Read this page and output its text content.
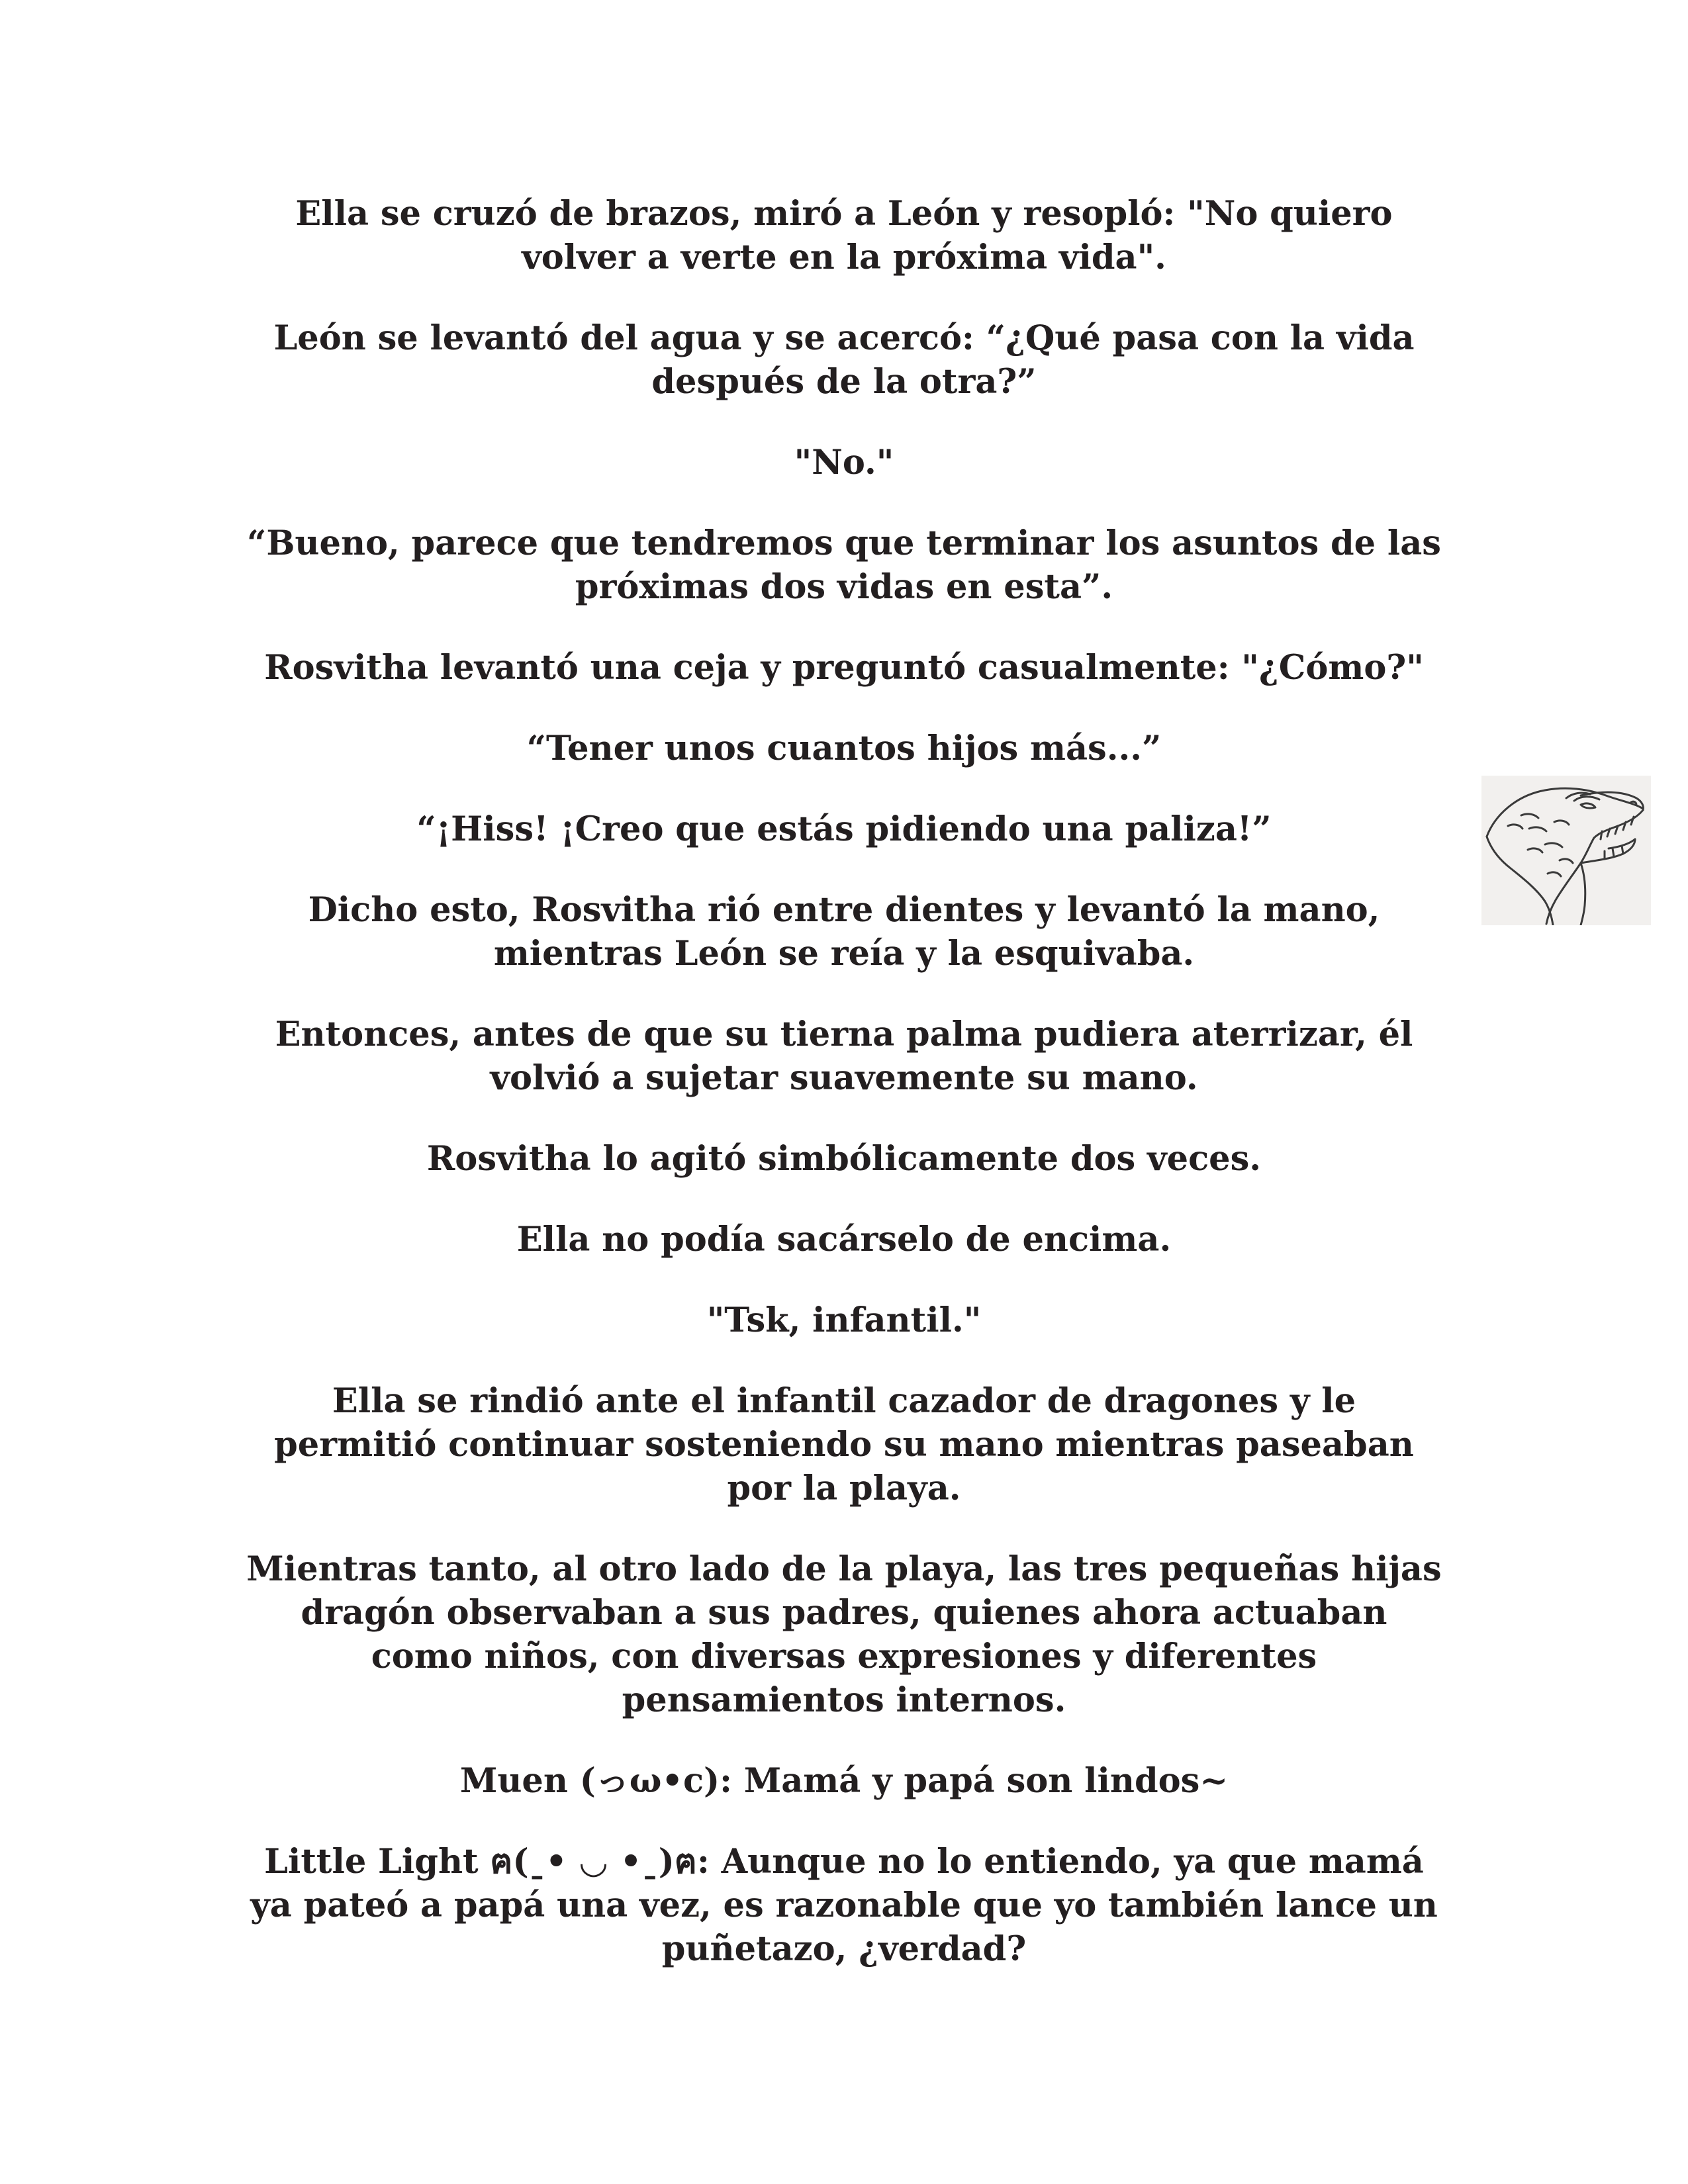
Ella se cruzó de brazos, miró a León y resopló: "No quiero
volver a verte en la próxima vida".

León se levantó del agua y se acercó: “¿Qué pasa con la vida
después de la otra?”

"No."

“Bueno, parece que tendremos que terminar los asuntos de las
próximas dos vidas en esta”.

Rosvitha levantó una ceja y preguntó casualmente: "¿Cómo?"

“Tener unos cuantos hijos más...”

“¡Hiss! ¡Creo que estás pidiendo una paliza!”

Dicho esto, Rosvitha rió entre dientes y levantó la mano,
mientras León se reía y la esquivaba.

Entonces, antes de que su tierna palma pudiera aterrizar, él
volvió a sujetar suavemente su mano.

Rosvitha lo agitó simbólicamente dos veces.

Ella no podía sacárselo de encima.

"Tsk, infantil."

Ella se rindió ante el infantil cazador de dragones y le
permitió continuar sosteniendo su mano mientras paseaban
por la playa.

Mientras tanto, al otro lado de la playa, las tres pequeñas hijas
dragón observaban a sus padres, quienes ahora actuaban
como niños, con diversas expresiones y diferentes
pensamientos internos.

Muen (っω•c): Mamá y papá son lindos~

Little Light ฅ(ˍ• ◡ •ˍ)ฅ: Aunque no lo entiendo, ya que mamá
ya pateó a papá una vez, es razonable que yo también lance un
puñetazo, ¿verdad?
